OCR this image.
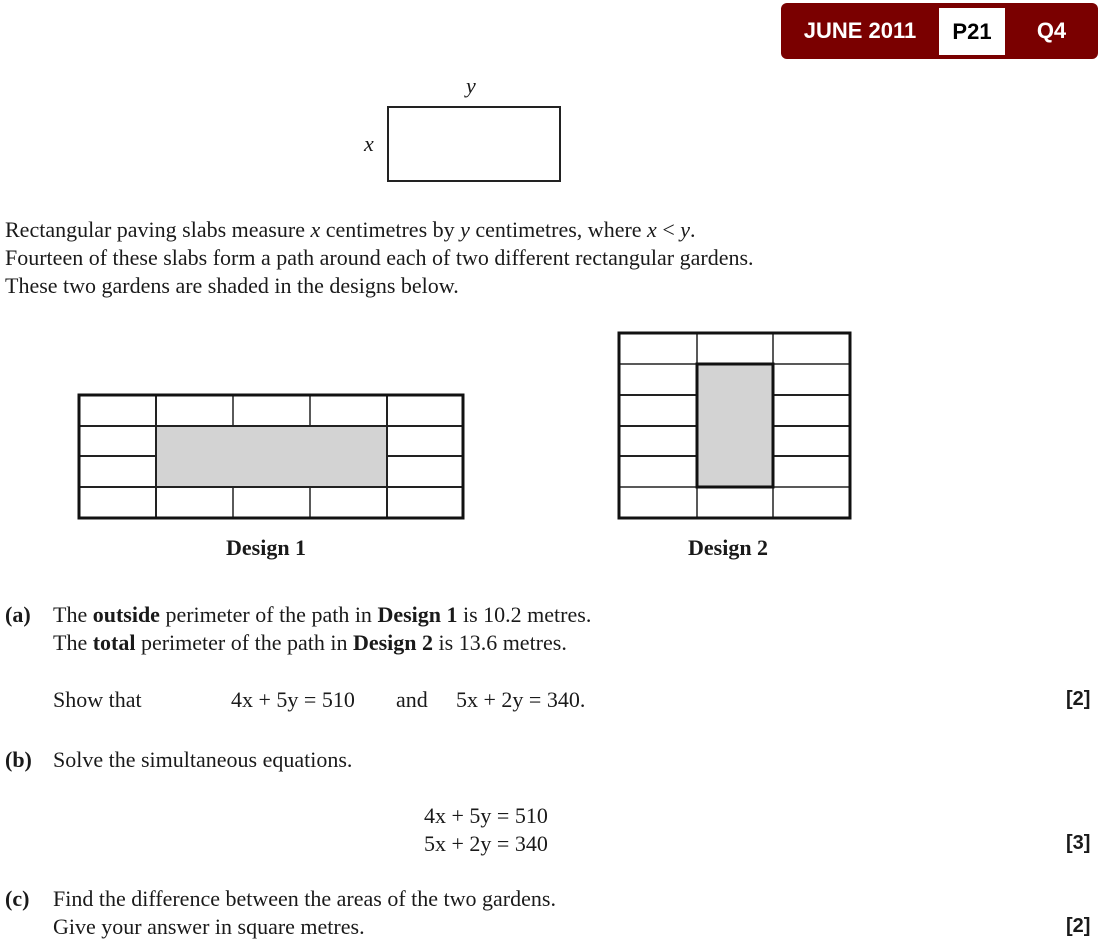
JUNE 2011	P21	Q4
y
x
Rectangular paving slabs measure x centimetres by y centimetres, where x < y.
Fourteen of these slabs form a path around each of two different rectangular gardens.
These two gardens are shaded in the designs below.
Design 1	Design 2
(a) The outside perimeter of the path in Design 1 is 10.2 metres.
The total perimeter of the path in Design 2 is 13.6 metres.
Show that	4x + 5y = 510 and 5x + 2y = 340.	[2]
(b) Solve the simultaneous equations.
4x + 5y = 510
5x + 2y = 340	[3]
(c) Find the difference between the areas of the two gardens.
Give your answer in square metres.	[2]
